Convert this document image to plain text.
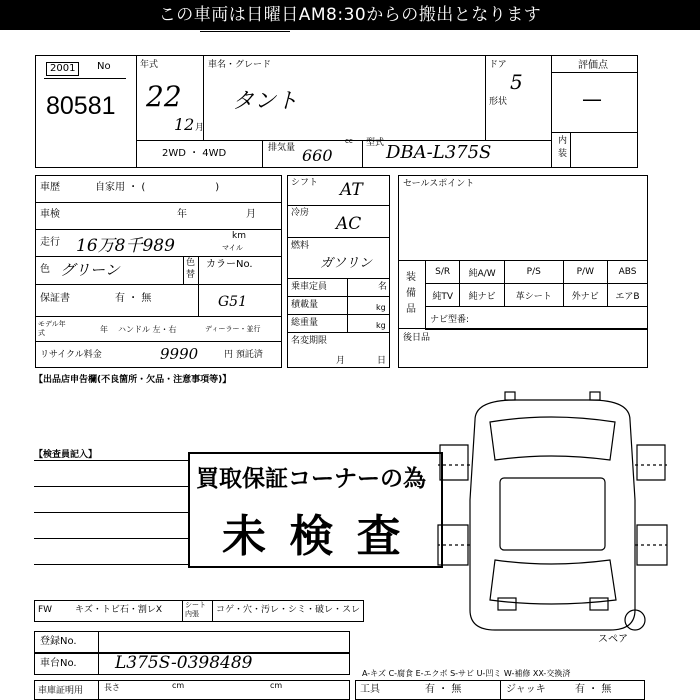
この車両は日曜日AM8:30からの搬出となります
2001	No
80581
年式
22
12 月
車名・グレード
タント
ドア
5
形状
評価点
—
内装
2WD ・ 4WD	排気量
cc
660
型式 DBA-L375S
車歴	自家用 ・ (　　　　　　　)
車検	年	月
走行 16万8千989	km
マイル
色 グリーン	色替
カラーNo.
保証書	有 ・ 無	G51
モデル年式	年 ハンドル 左・右	ディーラー・並行
リサイクル料金	9990	円 預託済
シフト AT
冷房
AC
燃料
ガソリン
乗車定員	名
積載量	kg
総重量	kg
名変期限
月	日
セールスポイント
装備品
S/R	純A/W	P/S	P/W	ABS
純TV	純ナビ	革シート	外ナビ	エアB
ナビ型番:				
後日品
【出品店申告欄(不良箇所・欠品・注意事項等)】
【検査員記入】
買取保証コーナーの為
未 検 査
スペア
FW	キズ・トビ石・割レX	シート内張	コゲ・穴・汚レ・シミ・破レ・スレ
登録No.
車台No. L375S-0398489
車庫証明用	長さ	cm	cm
A-キズ C-腐食 E-エクボ S-サビ U-凹ミ W-補修 XX-交換済
工具	有 ・ 無	ジャッキ	有 ・ 無
